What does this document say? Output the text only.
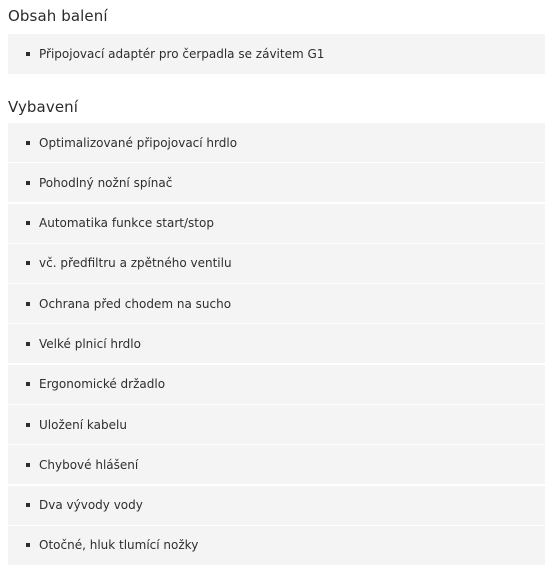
Obsah balení
Připojovací adaptér pro čerpadla se závitem G1
Vybavení
Optimalizované připojovací hrdlo
Pohodlný nožní spínač
Automatika funkce start/stop
vč. předfiltru a zpětného ventilu
Ochrana před chodem na sucho
Velké plnicí hrdlo
Ergonomické držadlo
Uložení kabelu
Chybové hlášení
Dva vývody vody
Otočné, hluk tlumící nožky
